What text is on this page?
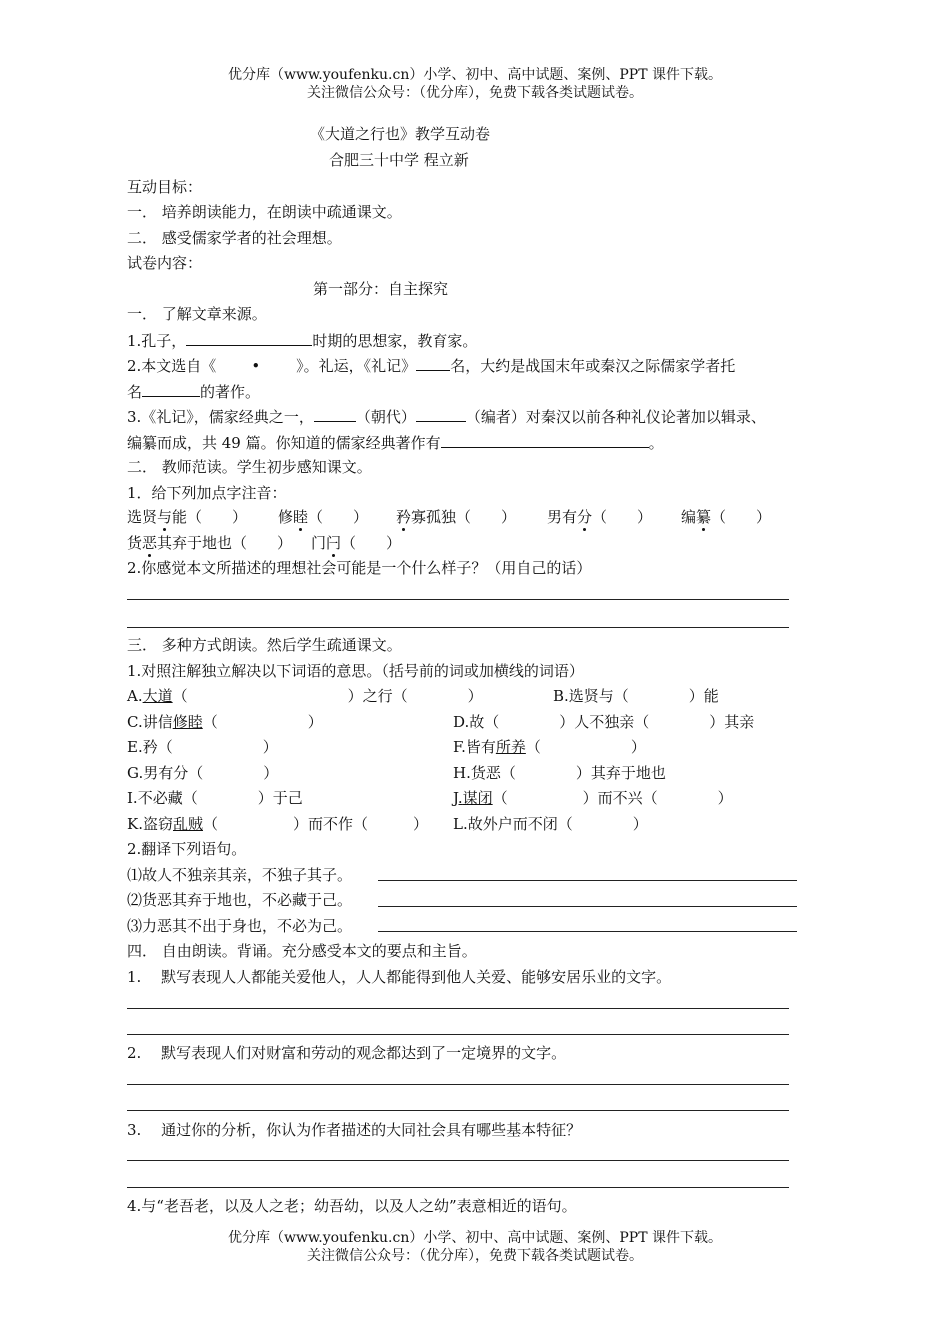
优分库（www.youfenku.cn）小学、初中、高中试题、案例、PPT 课件下载。
关注微信公众号：（优分库），免费下载各类试题试卷。
《大道之行也》教学互动卷
合肥三十中学 程立新
互动目标：
一． 培养朗读能力，在朗读中疏通课文。
二． 感受儒家学者的社会理想。
试卷内容：
第一部分：自主探究
一． 了解文章来源。
1.孔子，	时期的思想家，教育家。
2.本文选自《 • 》。礼运，《礼记》 名，大约是战国末年或秦汉之际儒家学者托
名	的著作。
3.《礼记》，儒家经典之一，	（朝代）	（编者）对秦汉以前各种礼仪论著加以辑录、
编纂而成，共 49 篇。你知道的儒家经典著作有	。
二． 教师范读。学生初步感知课文。
1．给下列加点字注音：
选贤与能（　　） 修睦（　　） 矜寡孤独（　　） 男有分（　　） 编纂（　　）
货恶其弃于地也（　　） 门闩（　　）
2.你感觉本文所描述的理想社会可能是一个什么样子？（用自己的话）
三． 多种方式朗读。然后学生疏通课文。
1.对照注解独立解决以下词语的意思。（括号前的词或加横线的词语）
A.大道（	）之行（　　　　）	B.选贤与（　　　　）能
C.讲信修睦（　　　　　　）	D.故（　　　　）人不独亲（　　　　）其亲
E.矜（　　　　　　）	F.皆有所养（　　　　　　）
G.男有分（　　　　）	H.货恶（　　　　）其弃于地也
I.不必藏（　　　　）于己	J.谋闭（　　　　　）而不兴（　　　　）
K.盗窃乱贼（　　　　　）而不作（　　　） L.故外户而不闭（　　　　）
2.翻译下列语句。
⑴故人不独亲其亲，不独子其子。
⑵货恶其弃于地也，不必藏于己。
⑶力恶其不出于身也，不必为己。
四． 自由朗读。背诵。充分感受本文的要点和主旨。
1.　 默写表现人人都能关爱他人，人人都能得到他人关爱、能够安居乐业的文字。
2.　 默写表现人们对财富和劳动的观念都达到了一定境界的文字。
3.　 通过你的分析，你认为作者描述的大同社会具有哪些基本特征？
4.与“老吾老，以及人之老；幼吾幼，以及人之幼”表意相近的语句。
优分库（www.youfenku.cn）小学、初中、高中试题、案例、PPT 课件下载。
关注微信公众号：（优分库），免费下载各类试题试卷。
